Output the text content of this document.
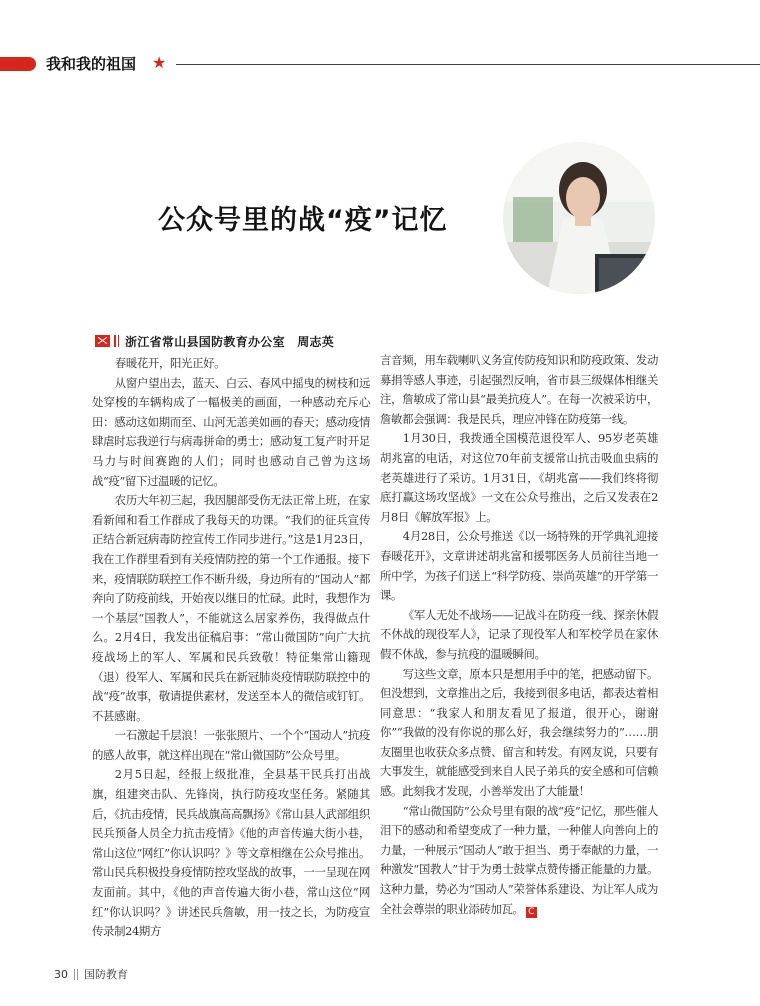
我和我的祖国 ★
公众号里的战“疫”记忆
浙江省常山县国防教育办公室　周志英

春暖花开，阳光正好。

从窗户望出去，蓝天、白云、春风中摇曳的树枝和远处穿梭的车辆构成了一幅极美的画面，一种感动充斥心田：感动这如期而至、山河无恙美如画的春天；感动疫情肆虐时忘我逆行与病毒拼命的勇士；感动复工复产时开足马力与时间赛跑的人们；同时也感动自己曾为这场战“疫”留下过温暖的记忆。

农历大年初三起，我因腿部受伤无法正常上班，在家看新闻和看工作群成了我每天的功课。“我们的征兵宣传正结合新冠病毒防控宣传工作同步进行。”这是1月23日，我在工作群里看到有关疫情防控的第一个工作通报。接下来，疫情联防联控工作不断升级，身边所有的“国动人”都奔向了防疫前线，开始夜以继日的忙碌。此时，我想作为一个基层“国教人”，不能就这么居家养伤，我得做点什么。2月4日，我发出征稿启事：“常山微国防”向广大抗疫战场上的军人、军属和民兵致敬！特征集常山籍现（退）役军人、军属和民兵在新冠肺炎疫情联防联控中的战“疫”故事，敬请提供素材，发送至本人的微信或钉钉。不甚感谢。

一石激起千层浪！一张张照片、一个个“国动人”抗疫的感人故事，就这样出现在“常山微国防”公众号里。

2月5日起，经报上级批准，全县基干民兵打出战旗，组建突击队、先锋岗，执行防疫攻坚任务。紧随其后，《抗击疫情，民兵战旗高高飘扬》《常山县人武部组织民兵预备人员全力抗击疫情》《他的声音传遍大街小巷，常山这位“网红”你认识吗？》等文章相继在公众号推出。常山民兵积极投身疫情防控攻坚战的故事，一一呈现在网友面前。其中，《他的声音传遍大街小巷，常山这位“网红”你认识吗？》讲述民兵詹敏，用一技之长，为防疫宣传录制24期方

言音频，用车载喇叭义务宣传防疫知识和防疫政策、发动募捐等感人事迹，引起强烈反响，省市县三级媒体相继关注，詹敏成了常山县“最美抗疫人”。在每一次被采访中，詹敏都会强调：我是民兵，理应冲锋在防疫第一线。

1月30日，我拨通全国模范退役军人、95岁老英雄胡兆富的电话，对这位70年前支援常山抗击吸血虫病的老英雄进行了采访。1月31日，《胡兆富——我们终将彻底打赢这场攻坚战》一文在公众号推出，之后又发表在2月8日《解放军报》上。

4月28日，公众号推送《以一场特殊的开学典礼迎接春暖花开》，文章讲述胡兆富和援鄂医务人员前往当地一所中学，为孩子们送上“科学防疫、崇尚英雄”的开学第一课。

《军人无处不战场——记战斗在防疫一线、探亲休假不休战的现役军人》，记录了现役军人和军校学员在家休假不休战，参与抗疫的温暖瞬间。

写这些文章，原本只是想用手中的笔，把感动留下。但没想到，文章推出之后，我接到很多电话，都表达着相同意思：“我家人和朋友看见了报道，很开心，谢谢你”“我做的没有你说的那么好，我会继续努力的”……朋友圈里也收获众多点赞、留言和转发。有网友说，只要有大事发生，就能感受到来自人民子弟兵的安全感和可信赖感。此刻我才发现，小善举发出了大能量！

“常山微国防”公众号里有限的战“疫”记忆，那些催人泪下的感动和希望变成了一种力量，一种催人向善向上的力量，一种展示“国动人”敢于担当、勇于奉献的力量，一种激发“国教人”甘于为勇士鼓掌点赞传播正能量的力量。这种力量，势必为“国动人”荣誉体系建设、为让军人成为全社会尊崇的职业添砖加瓦。 C

30 国防教育
